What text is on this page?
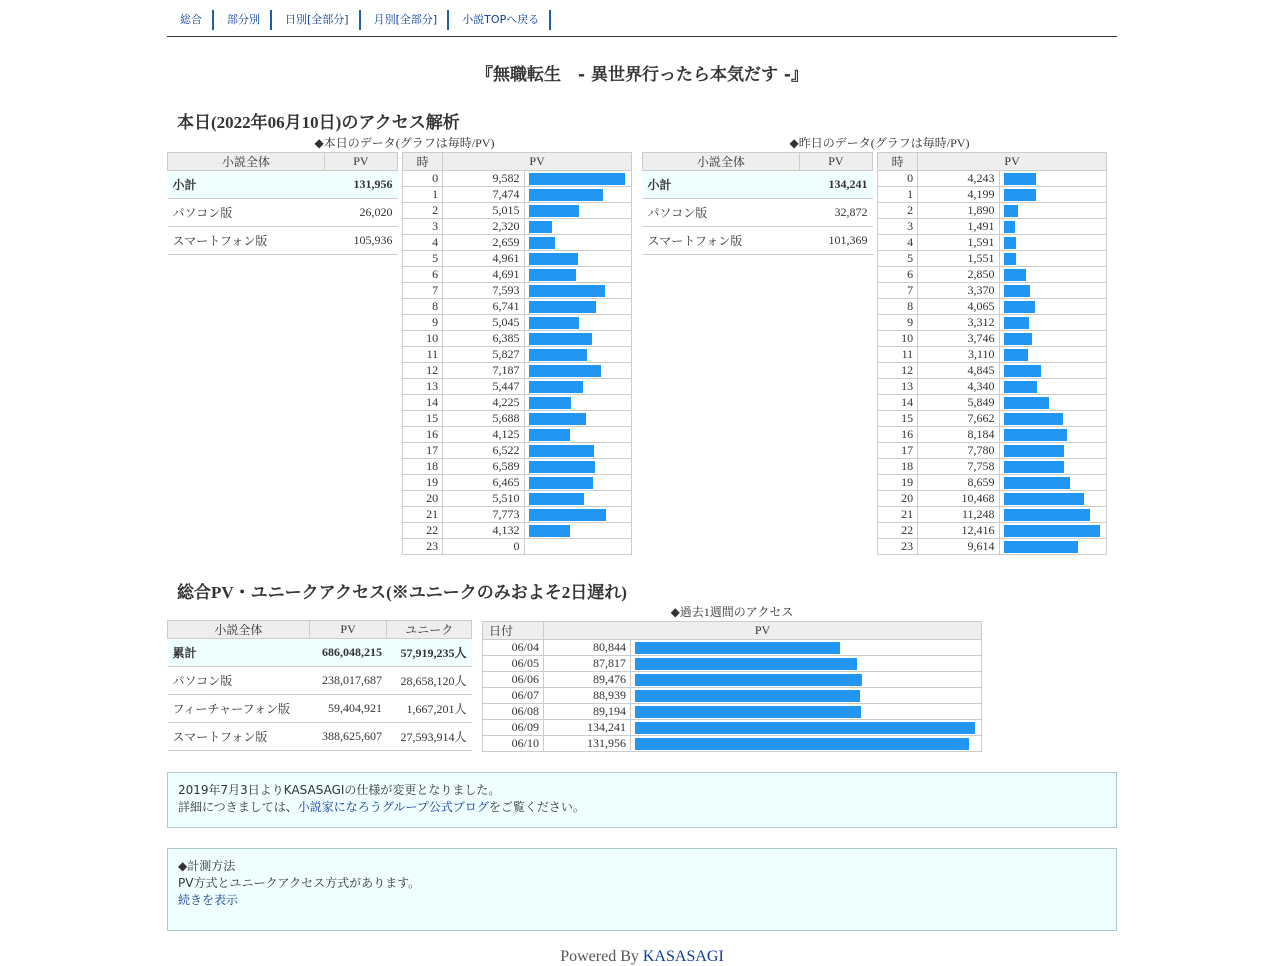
総合	部分別	日別[全部分]	月別[全部分]	小説TOPへ戻る
『無職転生　- 異世界行ったら本気だす -』
本日(2022年06月10日)のアクセス解析
◆本日のデータ(グラフは毎時/PV)
小説全体	PV
小計	131,956
パソコン版	26,020
スマートフォン版	105,936
時	PV	
0	9,582	

1	7,474	

2	5,015	

3	2,320	

4	2,659	

5	4,961	

6	4,691	

7	7,593	

8	6,741	

9	5,045	

10	6,385	

11	5,827	

12	7,187	

13	5,447	

14	4,225	

15	5,688	

16	4,125	

17	6,522	

18	6,589	

19	6,465	

20	5,510	

21	7,773	

22	4,132	

23	0	
◆昨日のデータ(グラフは毎時/PV)
小説全体	PV
小計	134,241
パソコン版	32,872
スマートフォン版	101,369
時	PV	
0	4,243	

1	4,199	

2	1,890	

3	1,491	

4	1,591	

5	1,551	

6	2,850	

7	3,370	

8	4,065	

9	3,312	

10	3,746	

11	3,110	

12	4,845	

13	4,340	

14	5,849	

15	7,662	

16	8,184	

17	7,780	

18	7,758	

19	8,659	

20	10,468	

21	11,248	

22	12,416	

23	9,614	
総合PV・ユニークアクセス(※ユニークのみおよそ2日遅れ)
小説全体	PV	ユニーク
累計	686,048,215	57,919,235人
パソコン版	238,017,687	28,658,120人
フィーチャーフォン版	59,404,921	1,667,201人
スマートフォン版	388,625,607	27,593,914人
◆過去1週間のアクセス
日付	PV	
06/04	80,844	

06/05	87,817	

06/06	89,476	

06/07	88,939	

06/08	89,194	

06/09	134,241	

06/10	131,956	
2019年7月3日よりKASASAGIの仕様が変更となりました。
詳細につきましては、小説家になろうグループ公式ブログをご覧ください。
◆計測方法
PV方式とユニークアクセス方式があります。
続きを表示
Powered By KASASAGI
